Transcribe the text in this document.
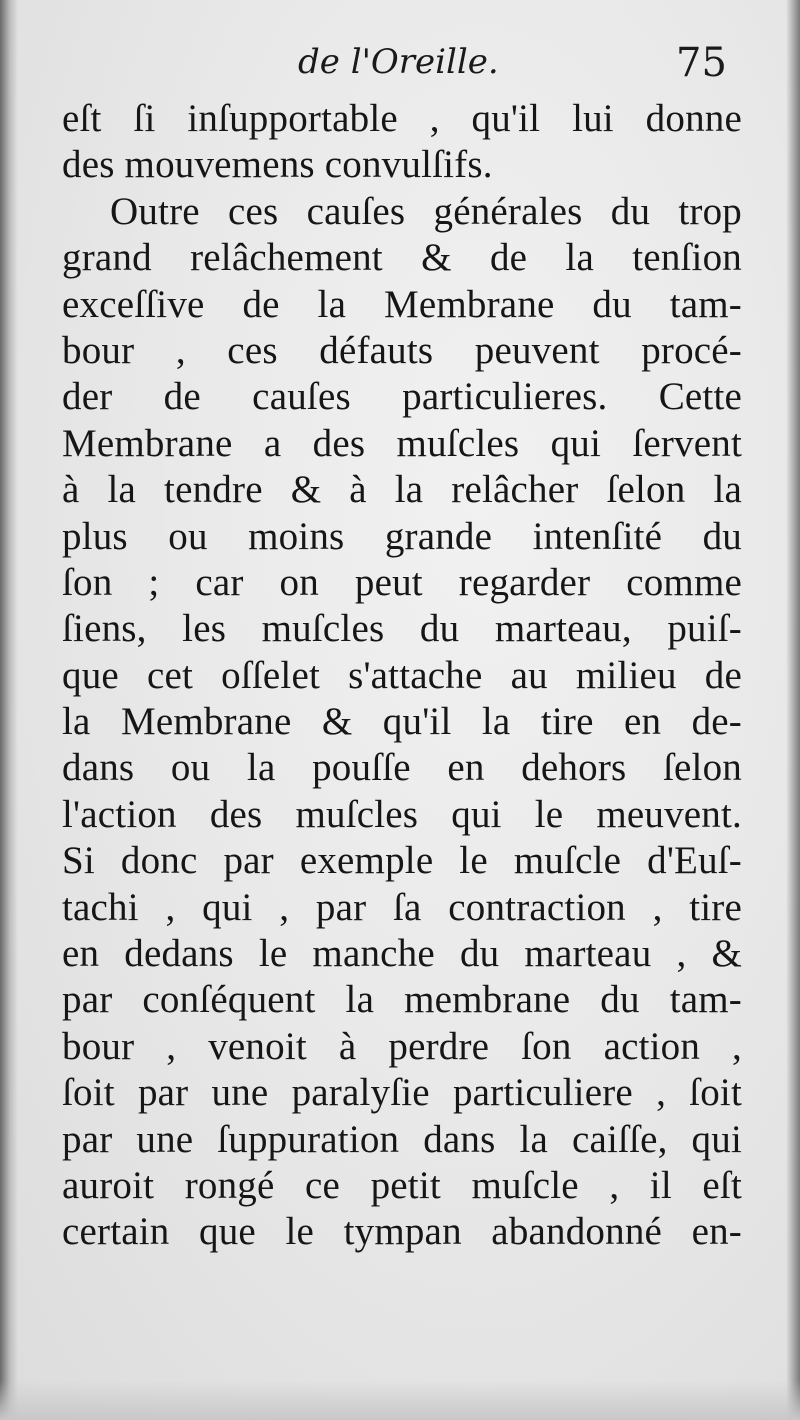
de l'Oreille.	75
eſt ſi inſupportable , qu'il lui donne
des mouvemens convulſifs.
Outre ces cauſes générales du trop
grand relâchement & de la tenſion
exceſſive de la Membrane du tam-
bour , ces défauts peuvent procé-
der de cauſes particulieres. Cette
Membrane a des muſcles qui ſervent
à la tendre & à la relâcher ſelon la
plus ou moins grande intenſité du
ſon ; car on peut regarder comme
ſiens, les muſcles du marteau, puiſ-
que cet oſſelet s'attache au milieu de
la Membrane & qu'il la tire en de-
dans ou la pouſſe en dehors ſelon
l'action des muſcles qui le meuvent.
Si donc par exemple le muſcle d'Euſ-
tachi , qui , par ſa contraction , tire
en dedans le manche du marteau , &
par conſéquent la membrane du tam-
bour , venoit à perdre ſon action ,
ſoit par une paralyſie particuliere , ſoit
par une ſuppuration dans la caiſſe, qui
auroit rongé ce petit muſcle , il eſt
certain que le tympan abandonné en-
